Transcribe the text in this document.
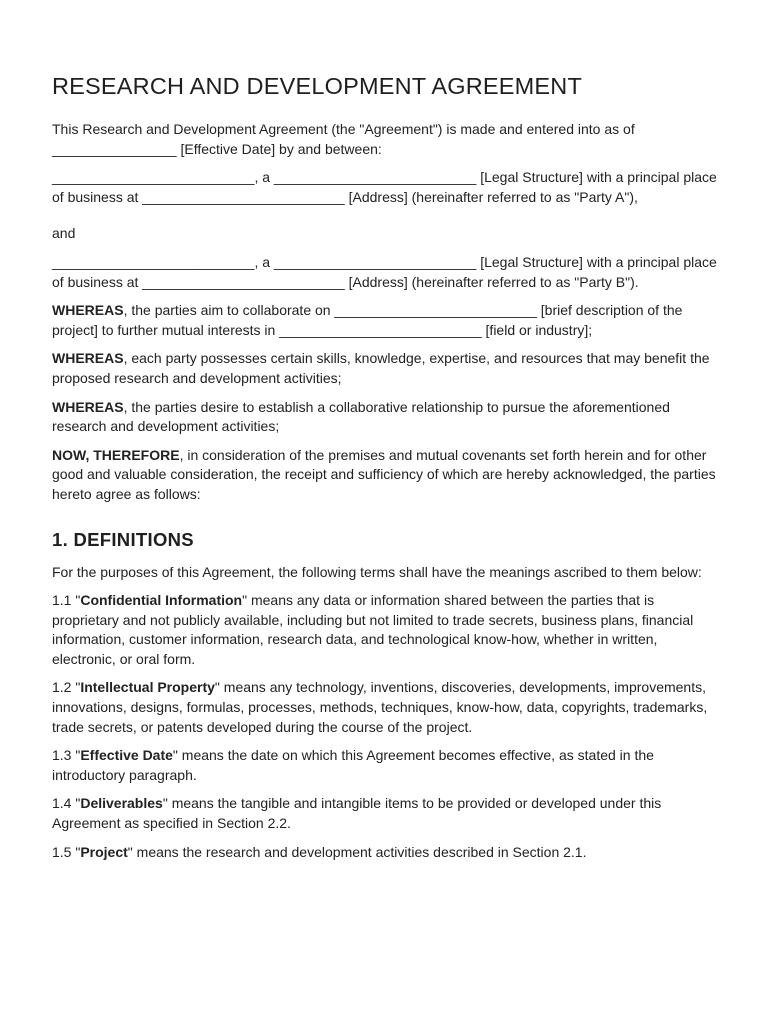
RESEARCH AND DEVELOPMENT AGREEMENT

This Research and Development Agreement (the "Agreement") is made and entered into as of ________________ [Effective Date] by and between:

__________________________, a __________________________ [Legal Structure] with a principal place of business at __________________________ [Address] (hereinafter referred to as "Party A"),

and

__________________________, a __________________________ [Legal Structure] with a principal place of business at __________________________ [Address] (hereinafter referred to as "Party B").

WHEREAS, the parties aim to collaborate on __________________________ [brief description of the project] to further mutual interests in __________________________ [field or industry];

WHEREAS, each party possesses certain skills, knowledge, expertise, and resources that may benefit the proposed research and development activities;

WHEREAS, the parties desire to establish a collaborative relationship to pursue the aforementioned research and development activities;

NOW, THEREFORE, in consideration of the premises and mutual covenants set forth herein and for other good and valuable consideration, the receipt and sufficiency of which are hereby acknowledged, the parties hereto agree as follows:

1. DEFINITIONS

For the purposes of this Agreement, the following terms shall have the meanings ascribed to them below:

1.1 "Confidential Information" means any data or information shared between the parties that is proprietary and not publicly available, including but not limited to trade secrets, business plans, financial information, customer information, research data, and technological know-how, whether in written, electronic, or oral form.

1.2 "Intellectual Property" means any technology, inventions, discoveries, developments, improvements, innovations, designs, formulas, processes, methods, techniques, know-how, data, copyrights, trademarks, trade secrets, or patents developed during the course of the project.

1.3 "Effective Date" means the date on which this Agreement becomes effective, as stated in the introductory paragraph.

1.4 "Deliverables" means the tangible and intangible items to be provided or developed under this Agreement as specified in Section 2.2.

1.5 "Project" means the research and development activities described in Section 2.1.
